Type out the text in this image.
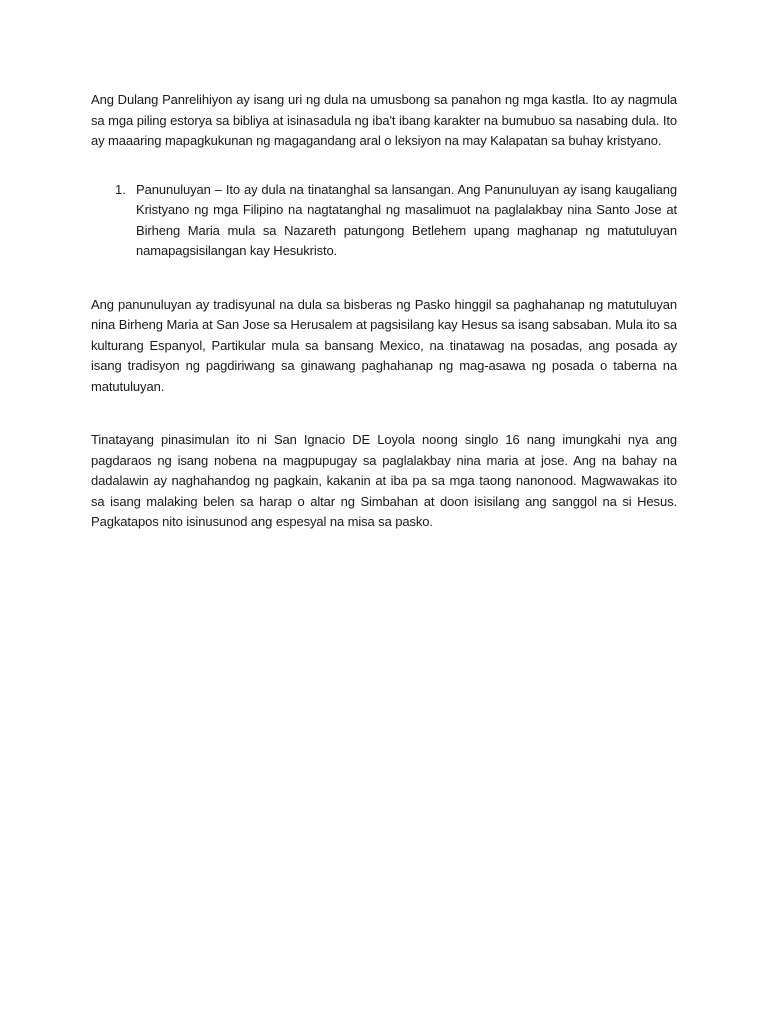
Ang Dulang Panrelihiyon ay isang uri ng dula na umusbong sa panahon ng mga kastla. Ito ay nagmula sa mga piling estorya sa bibliya at isinasadula ng iba't ibang karakter na bumubuo sa nasabing dula. Ito ay maaaring mapagkukunan ng magagandang aral o leksiyon na may Kalapatan sa buhay kristyano.

1. Panunuluyan – Ito ay dula na tinatanghal sa lansangan. Ang Panunuluyan ay isang kaugaliang Kristyano ng mga Filipino na nagtatanghal ng masalimuot na paglalakbay nina Santo Jose at Birheng Maria mula sa Nazareth patungong Betlehem upang maghanap ng matutuluyan namapagsisilangan kay Hesukristo.

Ang panunuluyan ay tradisyunal na dula sa bisberas ng Pasko hinggil sa paghahanap ng matutuluyan nina Birheng Maria at San Jose sa Herusalem at pagsisilang kay Hesus sa isang sabsaban. Mula ito sa kulturang Espanyol, Partikular mula sa bansang Mexico, na tinatawag na posadas, ang posada ay isang tradisyon ng pagdiriwang sa ginawang paghahanap ng mag-asawa ng posada o taberna na matutuluyan.

Tinatayang pinasimulan ito ni San Ignacio DE Loyola noong singlo 16 nang imungkahi nya ang pagdaraos ng isang nobena na magpupugay sa paglalakbay nina maria at jose. Ang na bahay na dadalawin ay naghahandog ng pagkain, kakanin at iba pa sa mga taong nanonood. Magwawakas ito sa isang malaking belen sa harap o altar ng Simbahan at doon isisilang ang sanggol na si Hesus. Pagkatapos nito isinusunod ang espesyal na misa sa pasko.
